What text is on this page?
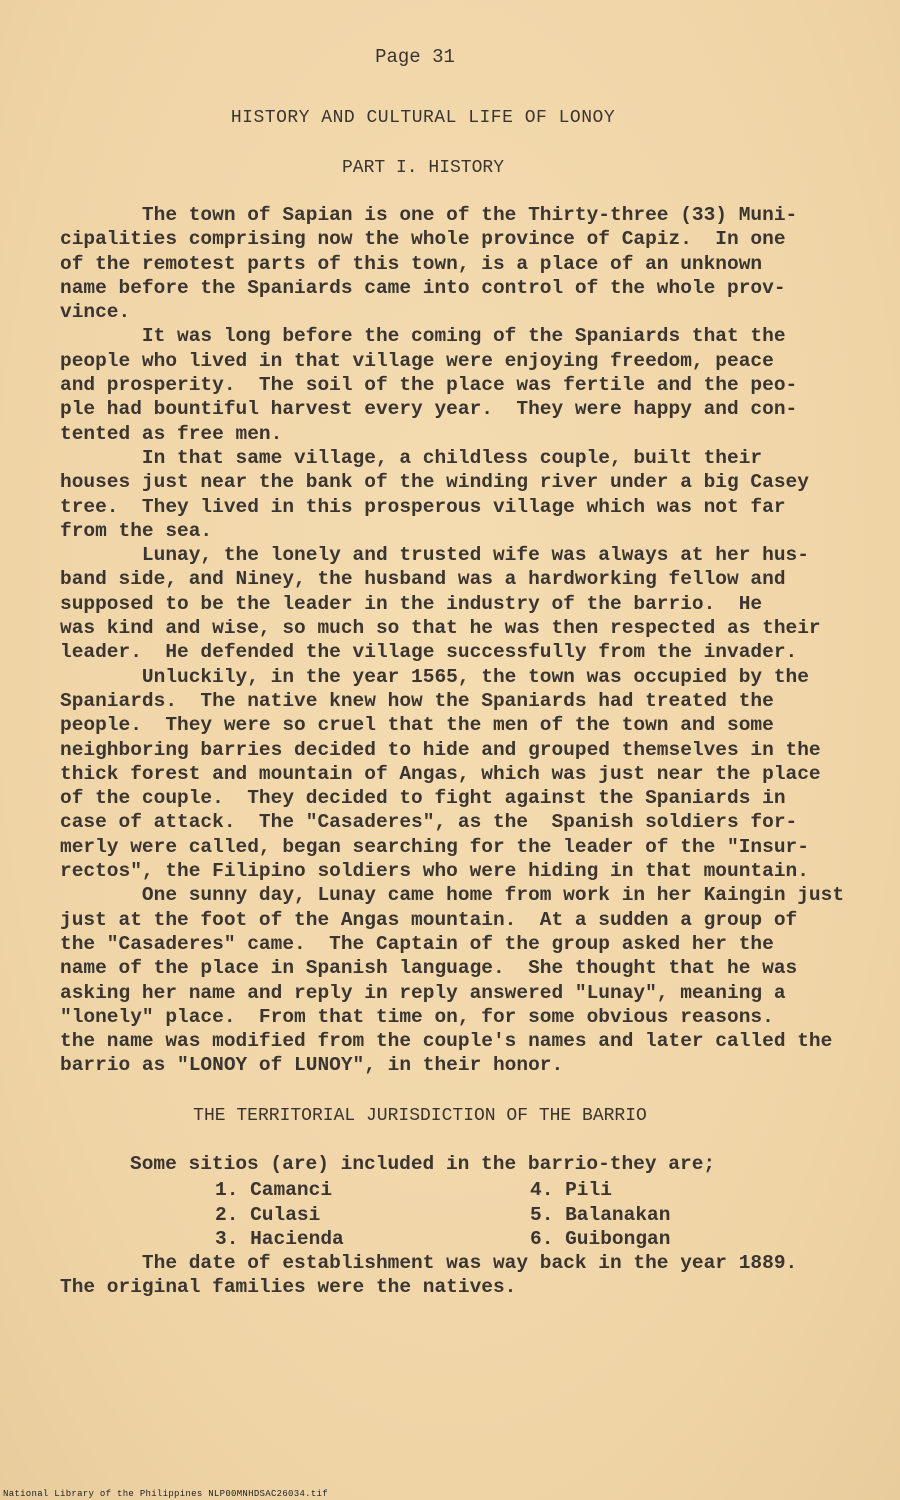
Page 31
HISTORY AND CULTURAL LIFE OF LONOY
PART I. HISTORY
The town of Sapian is one of the Thirty-three (33) Muni-
cipalities comprising now the whole province of Capiz.  In one
of the remotest parts of this town, is a place of an unknown
name before the Spaniards came into control of the whole prov-
vince.
It was long before the coming of the Spaniards that the
people who lived in that village were enjoying freedom, peace
and prosperity.  The soil of the place was fertile and the peo-
ple had bountiful harvest every year.  They were happy and con-
tented as free men.
In that same village, a childless couple, built their
houses just near the bank of the winding river under a big Casey
tree.  They lived in this prosperous village which was not far
from the sea.
Lunay, the lonely and trusted wife was always at her hus-
band side, and Niney, the husband was a hardworking fellow and
supposed to be the leader in the industry of the barrio.  He
was kind and wise, so much so that he was then respected as their
leader.  He defended the village successfully from the invader.
Unluckily, in the year 1565, the town was occupied by the
Spaniards.  The native knew how the Spaniards had treated the
people.  They were so cruel that the men of the town and some
neighboring barries decided to hide and grouped themselves in the
thick forest and mountain of Angas, which was just near the place
of the couple.  They decided to fight against the Spaniards in
case of attack.  The "Casaderes", as the  Spanish soldiers for-
merly were called, began searching for the leader of the "Insur-
rectos", the Filipino soldiers who were hiding in that mountain.
One sunny day, Lunay came home from work in her Kaingin just
just at the foot of the Angas mountain.  At a sudden a group of
the "Casaderes" came.  The Captain of the group asked her the
name of the place in Spanish language.  She thought that he was
asking her name and reply in reply answered "Lunay", meaning a
"lonely" place.  From that time on, for some obvious reasons.
the name was modified from the couple's names and later called the
barrio as "LONOY of LUNOY", in their honor.
THE TERRITORIAL JURISDICTION OF THE BARRIO
Some sitios (are) included in the barrio-they are;
1. Camanci	4. Pili
2. Culasi	5. Balanakan
3. Hacienda	6. Guibongan
The date of establishment was way back in the year 1889.
The original families were the natives.
National Library of the Philippines NLP00MNHDSAC26034.tif
